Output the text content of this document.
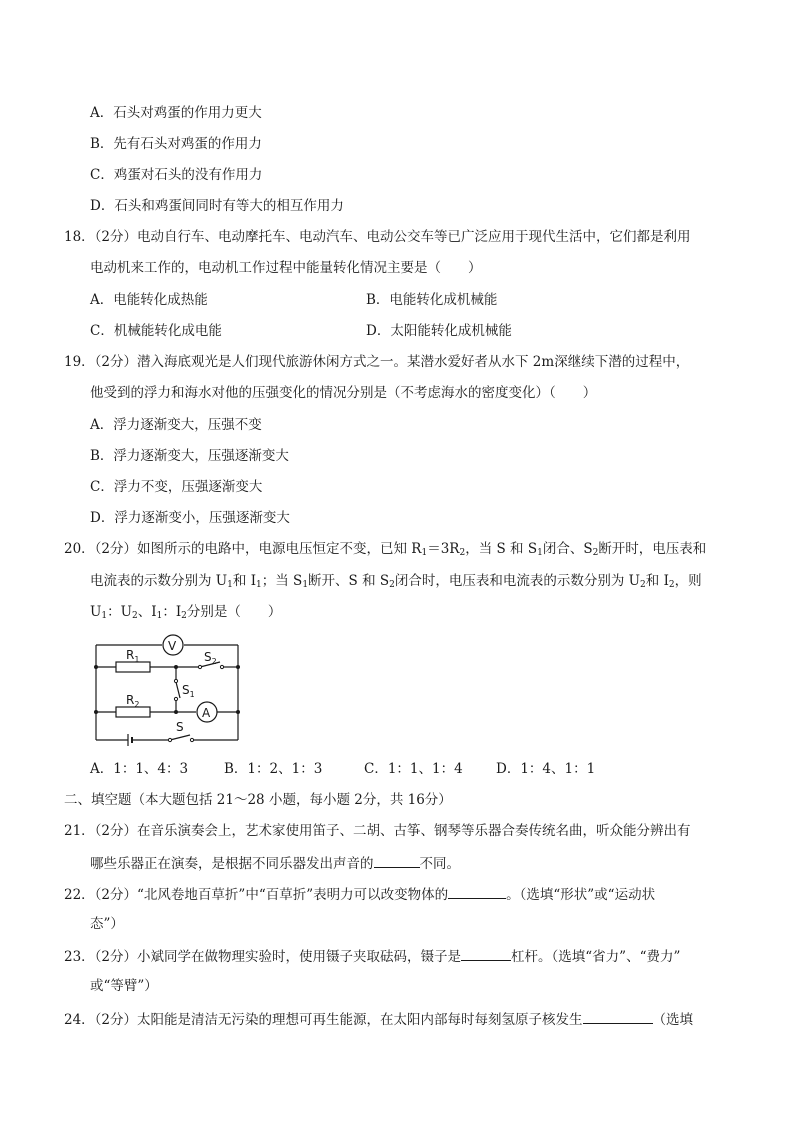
A．石头对鸡蛋的作用力更大
B．先有石头对鸡蛋的作用力
C．鸡蛋对石头的没有作用力
D．石头和鸡蛋间同时有等大的相互作用力
18．（2分）电动自行车、电动摩托车、电动汽车、电动公交车等已广泛应用于现代生活中，它们都是利用
电动机来工作的，电动机工作过程中能量转化情况主要是（　　）
A．电能转化成热能	B．电能转化成机械能
C．机械能转化成电能	D．太阳能转化成机械能
19．（2分）潜入海底观光是人们现代旅游休闲方式之一。某潜水爱好者从水下 2m深继续下潜的过程中，
他受到的浮力和海水对他的压强变化的情况分别是（不考虑海水的密度变化）（　　）
A．浮力逐渐变大，压强不变
B．浮力逐渐变大，压强逐渐变大
C．浮力不变，压强逐渐变大
D．浮力逐渐变小，压强逐渐变大
20．（2分）如图所示的电路中，电源电压恒定不变，已知 $R_1=3R_2$，当 S 和 $S_1$闭合、$S_2$断开时，电压表和
电流表的示数分别为 $U_1$和 $I_1$；当 $S_1$断开、S 和 $S_2$闭合时，电压表和电流表的示数分别为 $U_2$和 $I_2$，则
$U_1$：$U_2$、$I_1$：$I_2$分别是（　　）
V
A
$R_1$
$R_2$
$S_2$
$S_1$
S
A．1：1、4：3	B．1：2、1：3	C．1：1、1：4 D．1：4、1：1
二、填空题（本大题包括 21～28 小题，每小题 2分，共 16分）
21．（2分）在音乐演奏会上，艺术家使用笛子、二胡、古筝、钢琴等乐器合奏传统名曲，听众能分辨出有
哪些乐器正在演奏，是根据不同乐器发出声音的	不同。
22．（2分）“北风卷地百草折”中“百草折”表明力可以改变物体的	。（选填“形状”或“运动状
态”）
23．（2分）小斌同学在做物理实验时，使用镊子夹取砝码，镊子是	杠杆。（选填“省力”、“费力”
或“等臂”）
24．（2分）太阳能是清洁无污染的理想可再生能源，在太阳内部每时每刻氢原子核发生	（选填
